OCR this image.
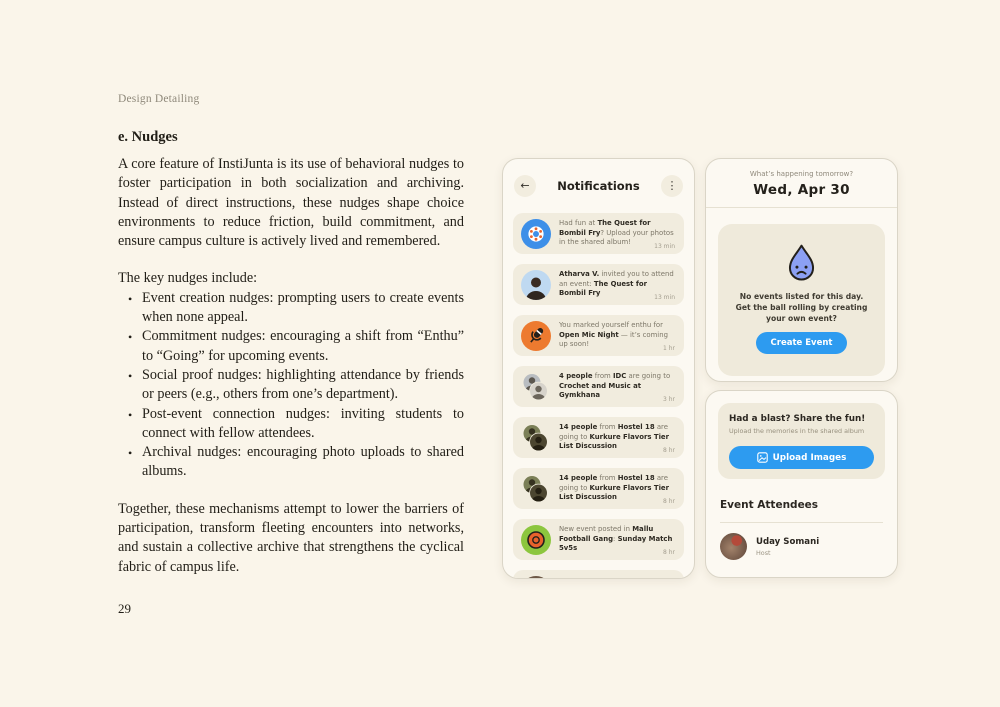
Design Detailing
e. Nudges

A core feature of InstiJunta is its use of behavioral nudges to foster participation in both socialization and archiving. Instead of direct instructions, these nudges shape choice environments to reduce friction, build commitment, and ensure campus culture is actively lived and remembered.

The key nudges include:

• Event creation nudges: prompting users to create events when none appeal.
• Commitment nudges: encouraging a shift from “Enthu” to “Going” for upcoming events.
• Social proof nudges: highlighting attendance by friends or peers (e.g., others from one’s department).
• Post-event connection nudges: inviting students to connect with fellow attendees.
• Archival nudges: encouraging photo uploads to shared albums.

Together, these mechanisms attempt to lower the barriers of participation, transform fleeting encounters into networks, and sustain a collective archive that strengthens the cyclical fabric of campus life.

29
←	Notifications	⋮
Had fun at The Quest for Bombil Fry? Upload your photos in the shared album!
13 min
Atharva V. invited you to attend an event: The Quest for Bombil Fry
13 min
You marked yourself enthu for Open Mic Night — it’s coming up soon!
1 hr
4 people from IDC are going to Crochet and Music at Gymkhana
3 hr
14 people from Hostel 18 are going to Kurkure Flavors Tier List Discussion
8 hr
14 people from Hostel 18 are going to Kurkure Flavors Tier List Discussion
8 hr
New event posted in Mallu Football Gang: Sunday Match 5v5s
8 hr
What’s happening tomorrow?
Wed, Apr 30
No events listed for this day.
Get the ball rolling by creating your own event?
Create Event
Had a blast? Share the fun!
Upload the memories in the shared album
Upload Images
Event Attendees
Uday Somani
Host
